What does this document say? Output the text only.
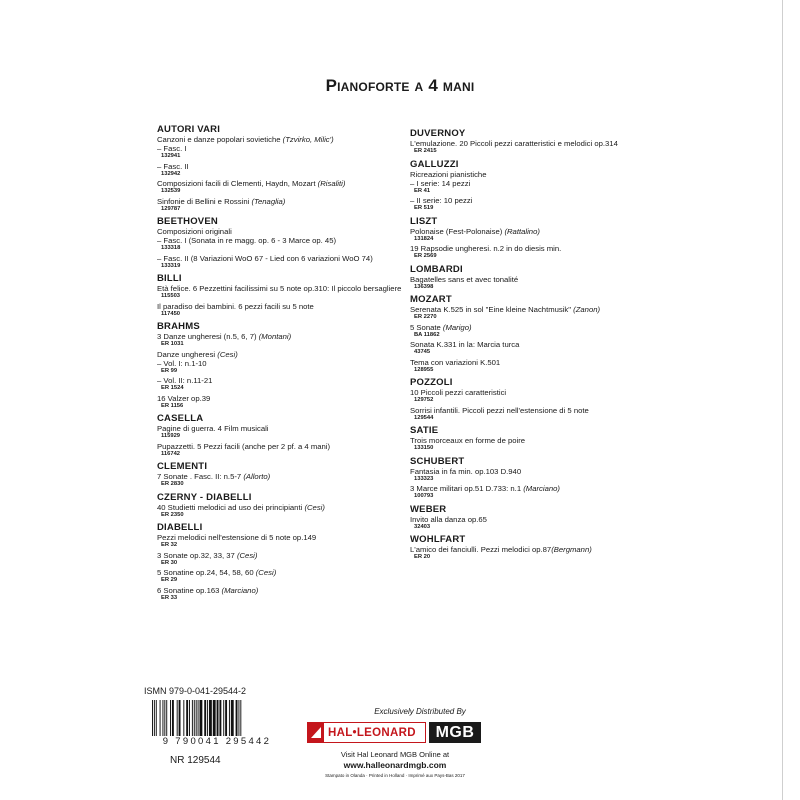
Pianoforte a 4 mani
AUTORI VARI
Canzoni e danze popolari sovietiche (Tzvirko, Milic')
– Fasc. I
132941
– Fasc. II
132942
Composizioni facili di Clementi, Haydn, Mozart (Risaliti)
132539
Sinfonie di Bellini e Rossini (Tenaglia)
129787
BEETHOVEN
Composizioni originali
– Fasc. I (Sonata in re magg. op. 6 - 3 Marce op. 45)
133318
– Fasc. II (8 Variazioni WoO 67 - Lied con 6 variazioni WoO 74)
133319
BILLI
Età felice. 6 Pezzettini facilissimi su 5 note op.310: Il piccolo bersagliere
115503
Il paradiso dei bambini. 6 pezzi facili su 5 note
117450
BRAHMS
3 Danze ungheresi (n.5, 6, 7) (Montani)
ER 1031
Danze ungheresi (Cesi)
– Vol. I: n.1-10
ER 99
– Vol. II: n.11-21
ER 1524
16 Valzer op.39
ER 1156
CASELLA
Pagine di guerra. 4 Film musicali
115929
Pupazzetti. 5 Pezzi facili (anche per 2 pf. a 4 mani)
116742
CLEMENTI
7 Sonate . Fasc. II: n.5-7 (Allorto)
ER 2830
CZERNY - DIABELLI
40 Studietti melodici ad uso dei principianti (Cesi)
ER 2350
DIABELLI
Pezzi melodici nell'estensione di 5 note op.149
ER 32
3 Sonate op.32, 33, 37 (Cesi)
ER 30
5 Sonatine op.24, 54, 58, 60 (Cesi)
ER 29
6 Sonatine op.163 (Marciano)
ER 33
DUVERNOY
L'emulazione. 20 Piccoli pezzi caratteristici e melodici op.314
ER 2415
GALLUZZI
Ricreazioni pianistiche
– I serie: 14 pezzi
ER 41
– II serie: 10 pezzi
ER 519
LISZT
Polonaise (Fest-Polonaise) (Rattalino)
131824
19 Rapsodie ungheresi. n.2 in do diesis min.
ER 2569
LOMBARDI
Bagatelles sans et avec tonalité
136398
MOZART
Serenata K.525 in sol "Eine kleine Nachtmusik" (Zanon)
ER 2270
5 Sonate (Marigo)
BA 11862
Sonata K.331 in la: Marcia turca
43745
Tema con variazioni K.501
128955
POZZOLI
10 Piccoli pezzi caratteristici
129752
Sorrisi infantili. Piccoli pezzi nell'estensione di 5 note
129544
SATIE
Trois morceaux en forme de poire
133150
SCHUBERT
Fantasia in fa min. op.103 D.940
133323
3 Marce militari op.51 D.733: n.1 (Marciano)
100793
WEBER
Invito alla danza op.65
32403
WOHLFART
L'amico dei fanciulli. Pezzi melodici op.87(Bergmann)
ER 20
ISMN 979-0-041-29544-2
9 790041 295442
NR 129544
Exclusively Distributed By
HAL•LEONARD	MGB
Visit Hal Leonard MGB Online at
www.halleonardmgb.com
Stampato in Olanda · Printed in Holland · Imprimé aux Pays-Bas 2017
